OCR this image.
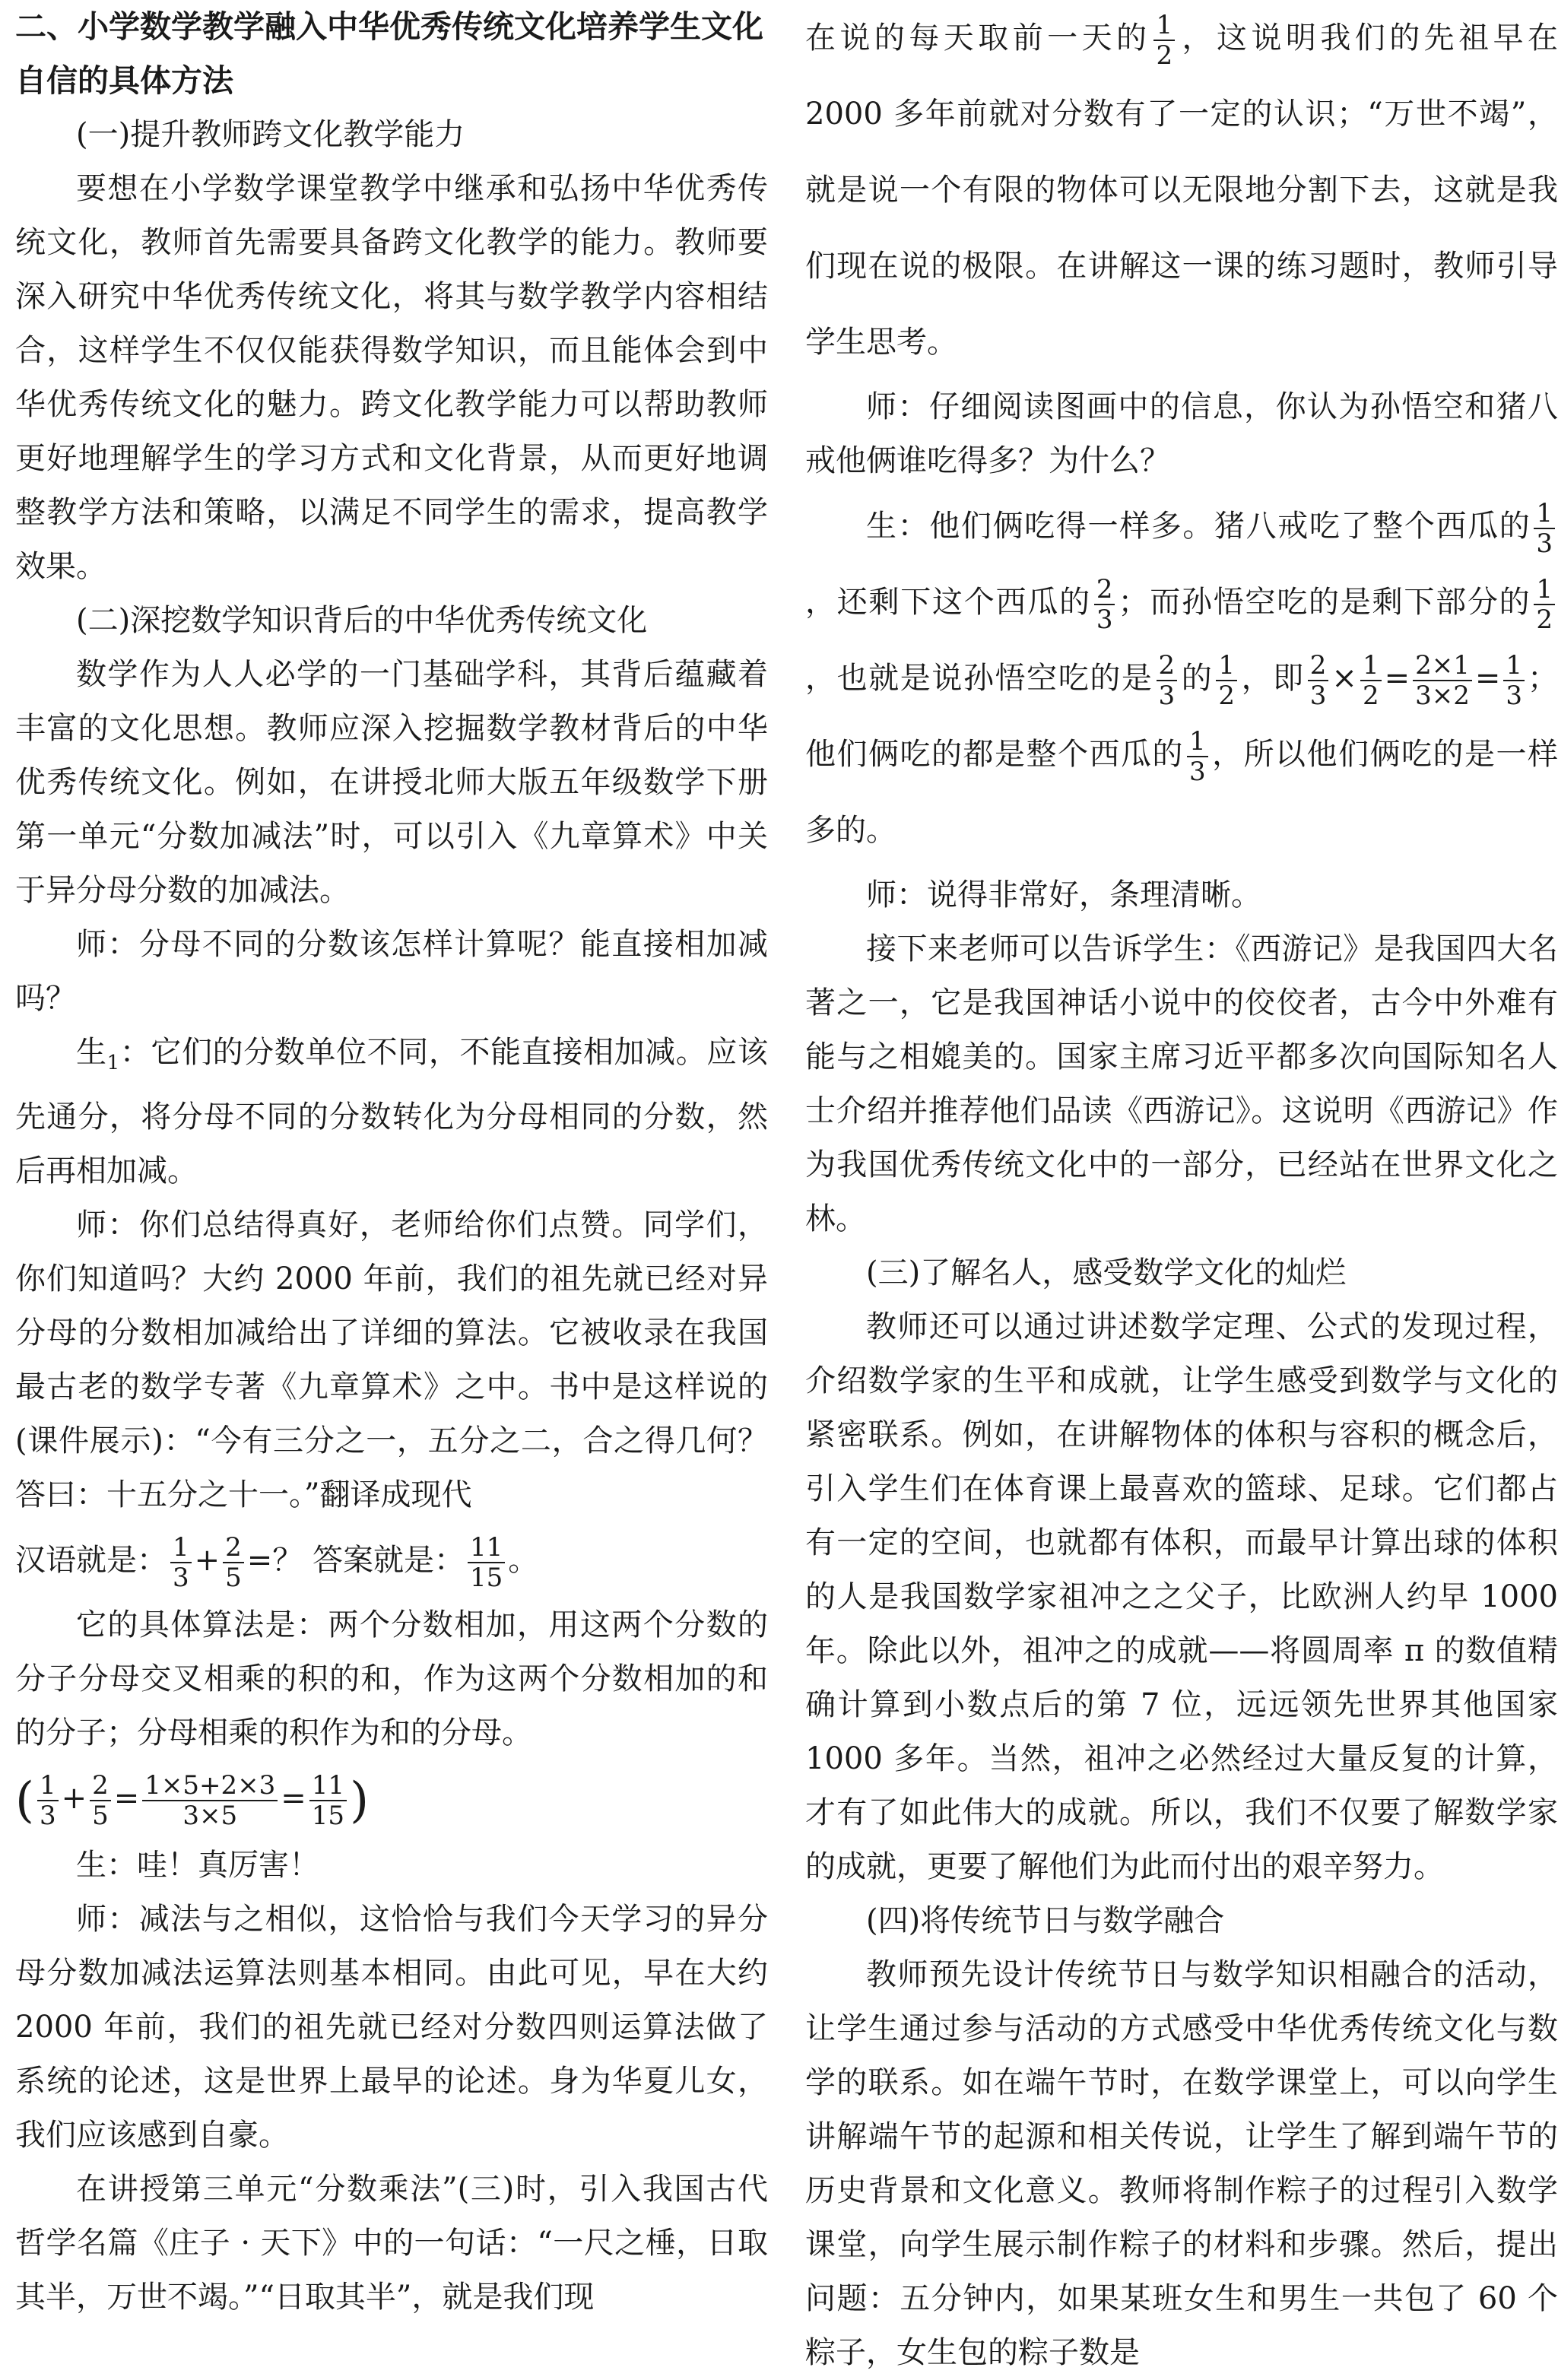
二、小学数学教学融入中华优秀传统文化培养学生文化自信的具体方法

(一)提升教师跨文化教学能力

要想在小学数学课堂教学中继承和弘扬中华优秀传统文化，教师首先需要具备跨文化教学的能力。教师要深入研究中华优秀传统文化，将其与数学教学内容相结合，这样学生不仅仅能获得数学知识，而且能体会到中华优秀传统文化的魅力。跨文化教学能力可以帮助教师更好地理解学生的学习方式和文化背景，从而更好地调整教学方法和策略，以满足不同学生的需求，提高教学效果。

(二)深挖数学知识背后的中华优秀传统文化

数学作为人人必学的一门基础学科，其背后蕴藏着丰富的文化思想。教师应深入挖掘数学教材背后的中华优秀传统文化。例如，在讲授北师大版五年级数学下册第一单元“分数加减法”时，可以引入《九章算术》中关于异分母分数的加减法。

师：分母不同的分数该怎样计算呢？能直接相加减吗？

生$_1$：它们的分数单位不同，不能直接相加减。应该先通分，将分母不同的分数转化为分母相同的分数，然后再相加减。

师：你们总结得真好，老师给你们点赞。同学们，你们知道吗？大约 2000 年前，我们的祖先就已经对异分母的分数相加减给出了详细的算法。它被收录在我国最古老的数学专著《九章算术》之中。书中是这样说的(课件展示)：“今有三分之一，五分之二，合之得几何？答曰：十五分之十一。”翻译成现代

汉语就是： $\frac{1}{3} + \frac{2}{5}$ =？ 答案就是： $\frac{11}{15}$ 。

它的具体算法是：两个分数相加，用这两个分数的分子分母交叉相乘的积的和，作为这两个分数相加的和的分子；分母相乘的积作为和的分母。

( $\frac{1}{3} + \frac{2}{5} = \frac{1\times 5+2\times 3}{3\times 5} = \frac{11}{15}$ )

生：哇！真厉害！

师：减法与之相似，这恰恰与我们今天学习的异分母分数加减法运算法则基本相同。由此可见，早在大约 2000 年前，我们的祖先就已经对分数四则运算法做了系统的论述，这是世界上最早的论述。身为华夏儿女，我们应该感到自豪。

在讲授第三单元“分数乘法”(三)时，引入我国古代哲学名篇《庄子 · 天下》中的一句话：“一尺之棰，日取其半，万世不竭。”“日取其半”，就是我们现

在说的每天取前一天的 $\frac{1}{2}$ ，这说明我们的先祖早在 2000 多年前就对分数有了一定的认识；“万世不竭”，就是说一个有限的物体可以无限地分割下去，这就是我们现在说的极限。在讲解这一课的练习题时，教师引导学生思考。

师：仔细阅读图画中的信息，你认为孙悟空和猪八戒他俩谁吃得多？为什么？

生：他们俩吃得一样多。猪八戒吃了整个西瓜的 $\frac{1}{3}$
，还剩下这个西瓜的 $\frac{2}{3}$ ；而孙悟空吃的是剩下部分的 $\frac{1}{2}$
，也就是说孙悟空吃的是 $\frac{2}{3}$ 的 $\frac{1}{2}$ ，即 $\frac{2}{3} \times \frac{1}{2} = \frac{2\times 1}{3\times 2} = \frac{1}{3}$ ；他们俩吃的都是整个西瓜的 $\frac{1}{3}$ ，所以他们俩吃的是一样多的。

师：说得非常好，条理清晰。

接下来老师可以告诉学生：《西游记》是我国四大名著之一，它是我国神话小说中的佼佼者，古今中外难有能与之相媲美的。国家主席习近平都多次向国际知名人士介绍并推荐他们品读《西游记》。这说明《西游记》作为我国优秀传统文化中的一部分，已经站在世界文化之林。

(三)了解名人，感受数学文化的灿烂

教师还可以通过讲述数学定理、公式的发现过程，介绍数学家的生平和成就，让学生感受到数学与文化的紧密联系。例如，在讲解物体的体积与容积的概念后，引入学生们在体育课上最喜欢的篮球、足球。它们都占有一定的空间，也就都有体积，而最早计算出球的体积的人是我国数学家祖冲之之父子，比欧洲人约早 1000 年。除此以外，祖冲之的成就——将圆周率 π 的数值精确计算到小数点后的第 7 位，远远领先世界其他国家 1000 多年。当然，祖冲之必然经过大量反复的计算，才有了如此伟大的成就。所以，我们不仅要了解数学家的成就，更要了解他们为此而付出的艰辛努力。

(四)将传统节日与数学融合

教师预先设计传统节日与数学知识相融合的活动，让学生通过参与活动的方式感受中华优秀传统文化与数学的联系。如在端午节时，在数学课堂上，可以向学生讲解端午节的起源和相关传说，让学生了解到端午节的历史背景和文化意义。教师将制作粽子的过程引入数学课堂，向学生展示制作粽子的材料和步骤。然后，提出问题：五分钟内，如果某班女生和男生一共包了 60 个粽子，女生包的粽子数是
